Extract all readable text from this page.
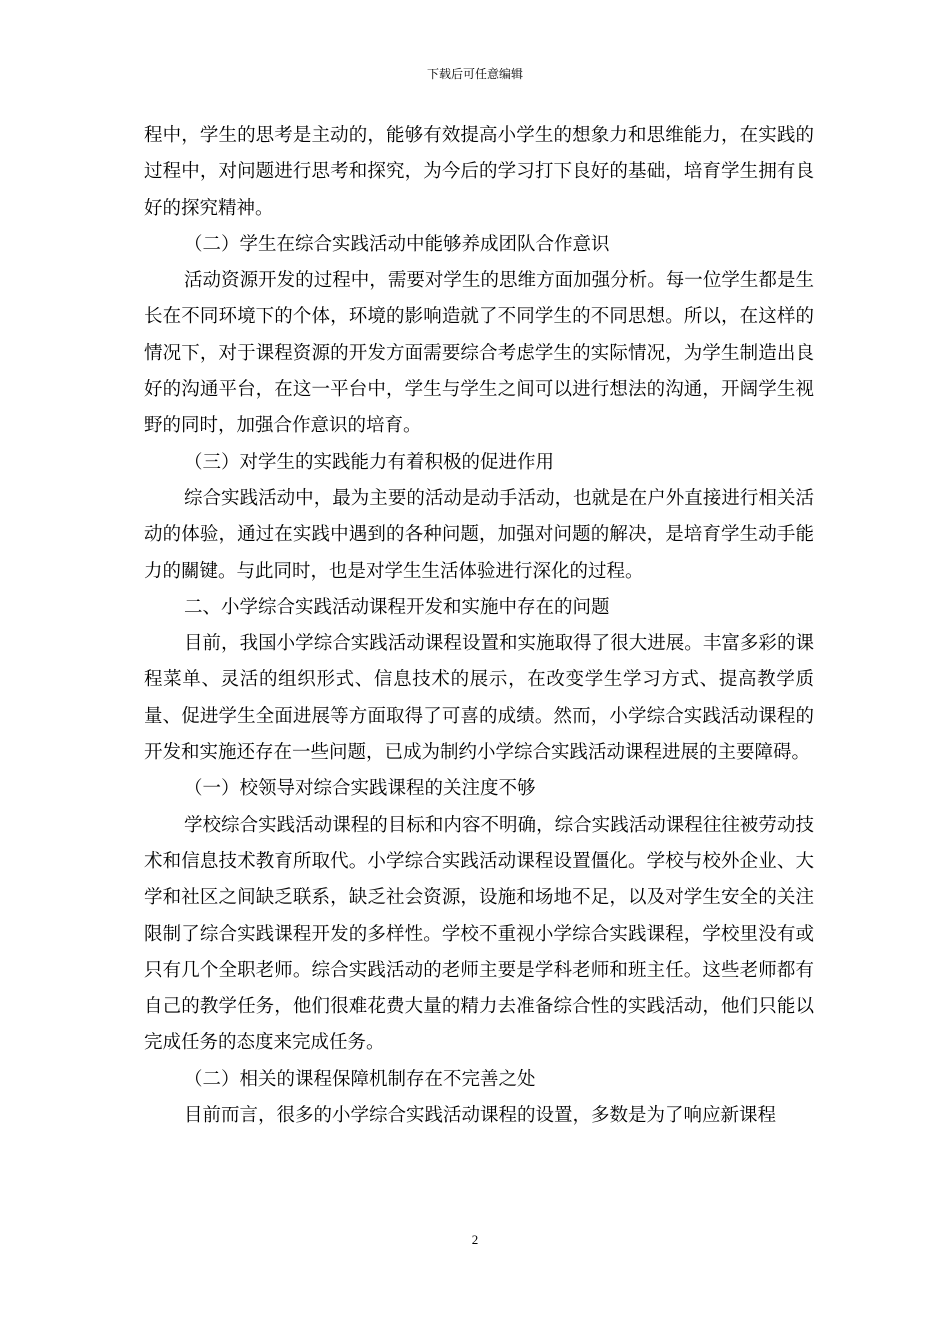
下载后可任意编辑

程中，学生的思考是主动的，能够有效提高小学生的想象力和思维能力，在实践的过程中，对问题进行思考和探究，为今后的学习打下良好的基础，培育学生拥有良好的探究精神。

（二）学生在综合实践活动中能够养成团队合作意识

活动资源开发的过程中，需要对学生的思维方面加强分析。每一位学生都是生长在不同环境下的个体，环境的影响造就了不同学生的不同思想。所以，在这样的情况下，对于课程资源的开发方面需要综合考虑学生的实际情况，为学生制造出良好的沟通平台，在这一平台中，学生与学生之间可以进行想法的沟通，开阔学生视野的同时，加强合作意识的培育。

（三）对学生的实践能力有着积极的促进作用

综合实践活动中，最为主要的活动是动手活动，也就是在户外直接进行相关活动的体验，通过在实践中遇到的各种问题，加强对问题的解决，是培育学生动手能力的關键。与此同时，也是对学生生活体验进行深化的过程。

二、小学综合实践活动课程开发和实施中存在的问题

目前，我国小学综合实践活动课程设置和实施取得了很大进展。丰富多彩的课程菜单、灵活的组织形式、信息技术的展示，在改变学生学习方式、提高教学质量、促进学生全面进展等方面取得了可喜的成绩。然而，小学综合实践活动课程的开发和实施还存在一些问题，已成为制约小学综合实践活动课程进展的主要障碍。

（一）校领导对综合实践课程的关注度不够

学校综合实践活动课程的目标和内容不明确，综合实践活动课程往往被劳动技术和信息技术教育所取代。小学综合实践活动课程设置僵化。学校与校外企业、大学和社区之间缺乏联系，缺乏社会资源，设施和场地不足，以及对学生安全的关注限制了综合实践课程开发的多样性。学校不重视小学综合实践课程，学校里没有或只有几个全职老师。综合实践活动的老师主要是学科老师和班主任。这些老师都有自己的教学任务，他们很难花费大量的精力去准备综合性的实践活动，他们只能以完成任务的态度来完成任务。

（二）相关的课程保障机制存在不完善之处

目前而言，很多的小学综合实践活动课程的设置，多数是为了响应新课程

2
